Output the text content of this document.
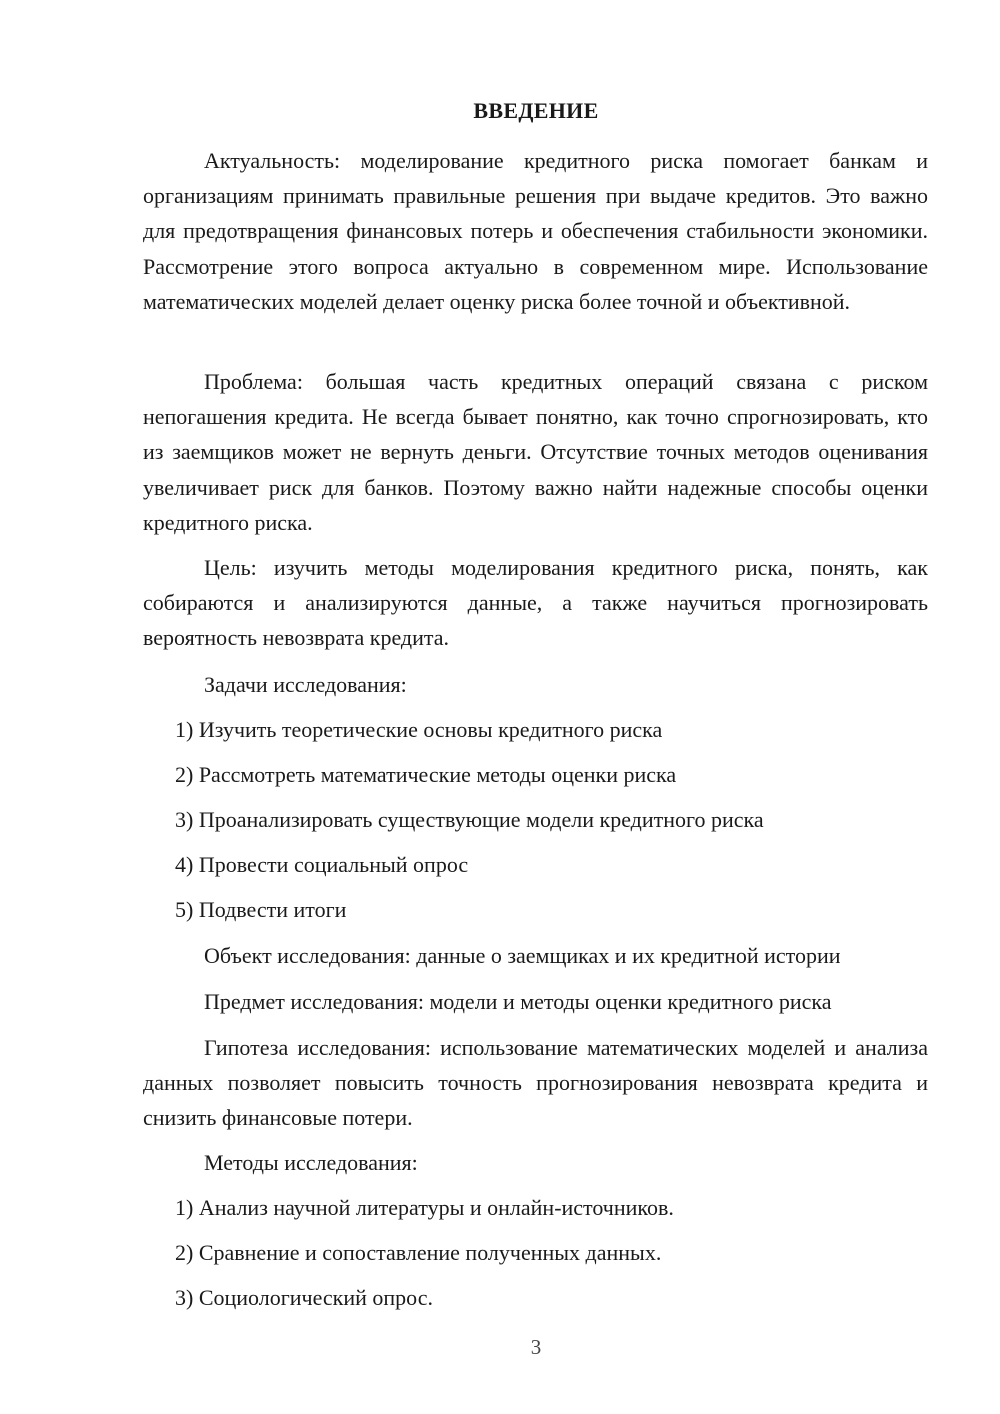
ВВЕДЕНИЕ

Актуальность: моделирование кредитного риска помогает банкам и организациям принимать правильные решения при выдаче кредитов. Это важно для предотвращения финансовых потерь и обеспечения стабильности экономики. Рассмотрение этого вопроса актуально в современном мире. Использование математических моделей делает оценку риска более точной и объективной.

Проблема: большая часть кредитных операций связана с риском непогашения кредита. Не всегда бывает понятно, как точно спрогнозировать, кто из заемщиков может не вернуть деньги. Отсутствие точных методов оценивания увеличивает риск для банков. Поэтому важно найти надежные способы оценки кредитного риска.

Цель: изучить методы моделирования кредитного риска, понять, как собираются и анализируются данные, а также научиться прогнозировать вероятность невозврата кредита.

Задачи исследования:

1) Изучить теоретические основы кредитного риска

2) Рассмотреть математические методы оценки риска

3) Проанализировать существующие модели кредитного риска

4) Провести социальный опрос

5) Подвести итоги

Объект исследования: данные о заемщиках и их кредитной истории

Предмет исследования: модели и методы оценки кредитного риска

Гипотеза исследования: использование математических моделей и анализа данных позволяет повысить точность прогнозирования невозврата кредита и снизить финансовые потери.

Методы исследования:

1) Анализ научной литературы и онлайн-источников.

2) Сравнение и сопоставление полученных данных.

3) Социологический опрос.

3
